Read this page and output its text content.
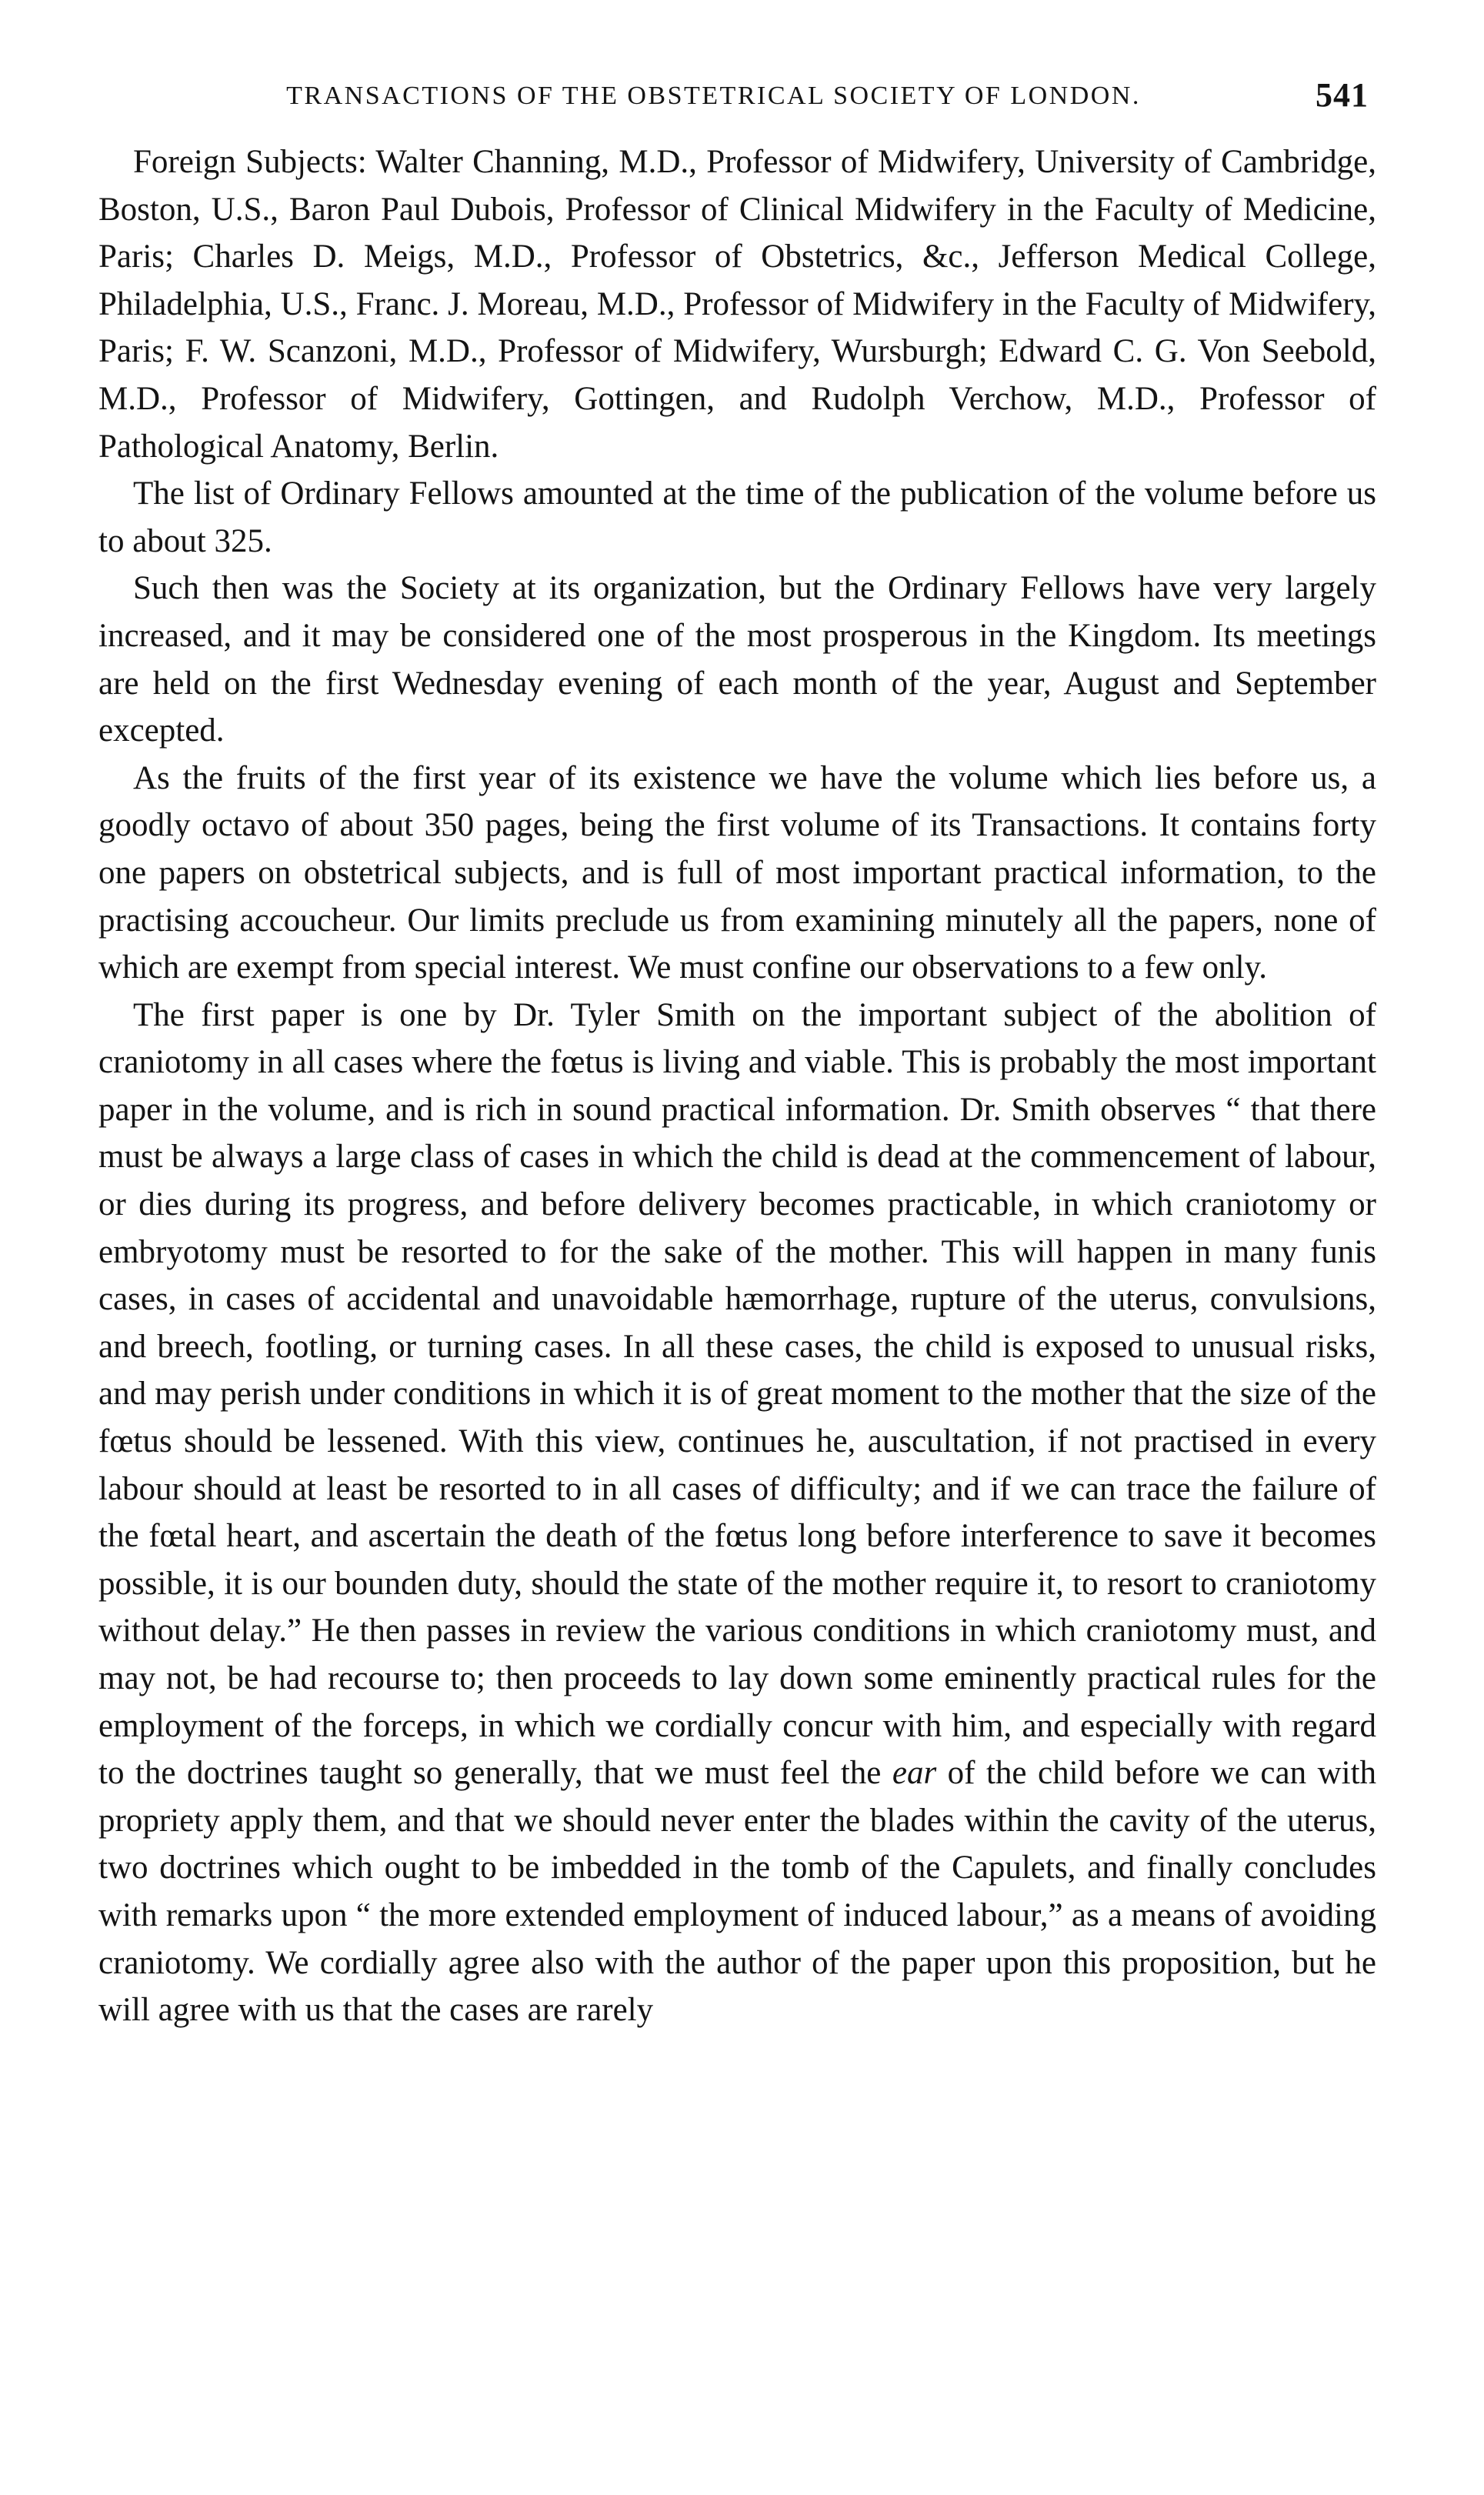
TRANSACTIONS OF THE OBSTETRICAL SOCIETY OF LONDON.	541

Foreign Subjects: Walter Channing, M.D., Professor of Midwifery, University of Cambridge, Boston, U.S., Baron Paul Dubois, Professor of Clinical Midwifery in the Faculty of Medicine, Paris; Charles D. Meigs, M.D., Professor of Obstetrics, &c., Jefferson Medical College, Philadelphia, U.S., Franc. J. Moreau, M.D., Professor of Midwifery in the Faculty of Midwifery, Paris; F. W. Scanzoni, M.D., Professor of Midwifery, Wursburgh; Edward C. G. Von Seebold, M.D., Professor of Midwifery, Gottingen, and Rudolph Verchow, M.D., Professor of Pathological Anatomy, Berlin.

The list of Ordinary Fellows amounted at the time of the publication of the volume before us to about 325.

Such then was the Society at its organization, but the Ordinary Fellows have very largely increased, and it may be considered one of the most prosperous in the Kingdom. Its meetings are held on the first Wednesday evening of each month of the year, August and September excepted.

As the fruits of the first year of its existence we have the volume which lies before us, a goodly octavo of about 350 pages, being the first volume of its Transactions. It contains forty one papers on obstetrical subjects, and is full of most important practical information, to the practising accoucheur. Our limits preclude us from examining minutely all the papers, none of which are exempt from special interest. We must confine our observations to a few only.

The first paper is one by Dr. Tyler Smith on the important subject of the abolition of craniotomy in all cases where the fœtus is living and viable. This is probably the most important paper in the volume, and is rich in sound practical information. Dr. Smith observes “ that there must be always a large class of cases in which the child is dead at the commencement of labour, or dies during its progress, and before delivery becomes practicable, in which craniotomy or embryotomy must be resorted to for the sake of the mother. This will happen in many funis cases, in cases of accidental and unavoidable hæmorrhage, rupture of the uterus, convulsions, and breech, footling, or turning cases. In all these cases, the child is exposed to unusual risks, and may perish under conditions in which it is of great moment to the mother that the size of the fœtus should be lessened. With this view, continues he, auscultation, if not practised in every labour should at least be resorted to in all cases of difficulty; and if we can trace the failure of the fœtal heart, and ascertain the death of the fœtus long before interference to save it becomes possible, it is our bounden duty, should the state of the mother require it, to resort to craniotomy without delay.” He then passes in review the various conditions in which craniotomy must, and may not, be had recourse to; then proceeds to lay down some eminently practical rules for the employment of the forceps, in which we cordially concur with him, and especially with regard to the doctrines taught so generally, that we must feel the ear of the child before we can with propriety apply them, and that we should never enter the blades within the cavity of the uterus, two doctrines which ought to be imbedded in the tomb of the Capulets, and finally concludes with remarks upon “ the more extended employment of induced labour,” as a means of avoiding craniotomy. We cordially agree also with the author of the paper upon this proposition, but he will agree with us that the cases are rarely
